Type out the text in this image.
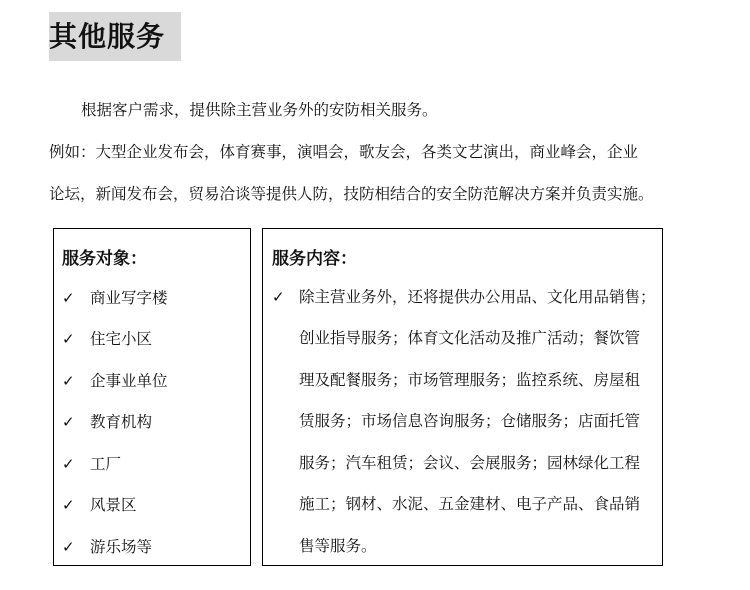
其他服务
根据客户需求，提供除主营业务外的安防相关服务。
例如：大型企业发布会，体育赛事，演唱会，歌友会，各类文艺演出，商业峰会，企业
论坛，新闻发布会，贸易洽谈等提供人防，技防相结合的安全防范解决方案并负责实施。
服务对象：
✓ 商业写字楼
✓ 住宅小区
✓ 企事业单位
✓ 教育机构
✓ 工厂
✓ 风景区
✓ 游乐场等
服务内容：
✓ 除主营业务外，还将提供办公用品、文化用品销售；
创业指导服务；体育文化活动及推广活动；餐饮管
理及配餐服务；市场管理服务；监控系统、房屋租
赁服务；市场信息咨询服务；仓储服务；店面托管
服务；汽车租赁；会议、会展服务；园林绿化工程
施工；钢材、水泥、五金建材、电子产品、食品销
售等服务。
